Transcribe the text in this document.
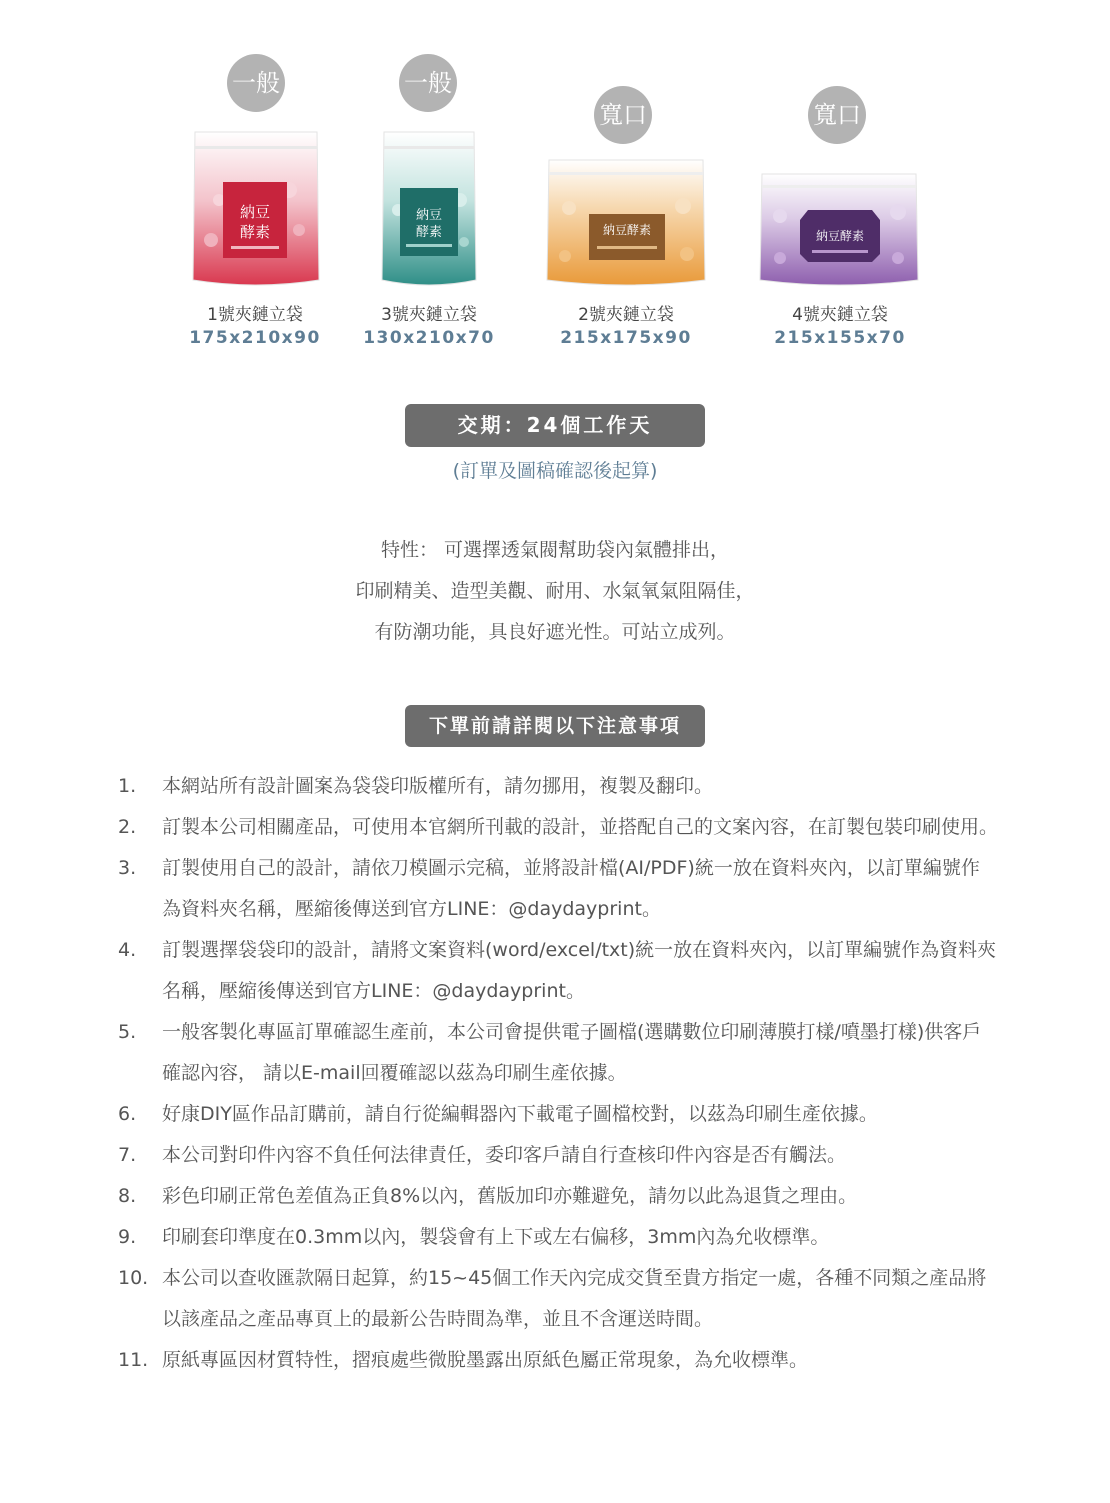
一般
納豆
酵素
1號夾鏈立袋
175x210x90
一般
納豆
酵素
3號夾鏈立袋
130x210x70
寬口
納豆酵素
2號夾鏈立袋
215x175x90
寬口
納豆酵素
4號夾鏈立袋
215x155x70
交期：24個工作天
(訂單及圖稿確認後起算)
特性： 可選擇透氣閥幫助袋內氣體排出，
印刷精美、造型美觀、耐用、水氣氧氣阻隔佳，
有防潮功能，具良好遮光性。可站立成列。
下單前請詳閱以下注意事項
1. 本網站所有設計圖案為袋袋印版權所有，請勿挪用，複製及翻印。
2. 訂製本公司相關產品，可使用本官網所刊載的設計，並搭配自己的文案內容，在訂製包裝印刷使用。
3. 訂製使用自己的設計，請依刀模圖示完稿，並將設計檔(AI/PDF)統一放在資料夾內，以訂單編號作為資料夾名稱，壓縮後傳送到官方LINE：@daydayprint。
4. 訂製選擇袋袋印的設計，請將文案資料(word/excel/txt)統一放在資料夾內，以訂單編號作為資料夾名稱，壓縮後傳送到官方LINE：@daydayprint。
5. 一般客製化專區訂單確認生產前，本公司會提供電子圖檔(選購數位印刷薄膜打樣/噴墨打樣)供客戶確認內容， 請以E-mail回覆確認以茲為印刷生產依據。
6. 好康DIY區作品訂購前，請自行從編輯器內下載電子圖檔校對，以茲為印刷生產依據。
7. 本公司對印件內容不負任何法律責任，委印客戶請自行查核印件內容是否有觸法。
8. 彩色印刷正常色差值為正負8%以內，舊版加印亦難避免，請勿以此為退貨之理由。
9. 印刷套印準度在0.3mm以內，製袋會有上下或左右偏移，3mm內為允收標準。
10. 本公司以查收匯款隔日起算，約15~45個工作天內完成交貨至貴方指定一處，各種不同類之產品將以該產品之產品專頁上的最新公告時間為準，並且不含運送時間。
11. 原紙專區因材質特性，摺痕處些微脫墨露出原紙色屬正常現象，為允收標準。
